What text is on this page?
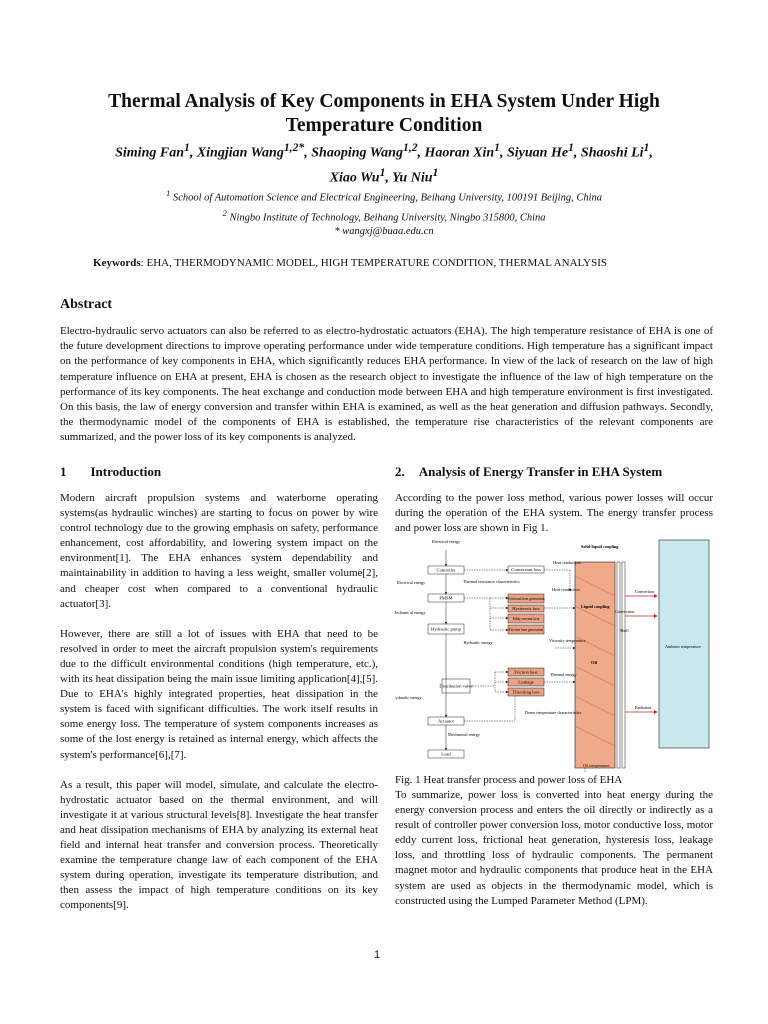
Thermal Analysis of Key Components in EHA System Under High Temperature Condition
Siming Fan$^1$, Xingjian Wang$^{1,2*}$, Shaoping Wang$^{1,2}$, Haoran Xin$^1$, Siyuan He$^1$, Shaoshi Li$^1$,
Xiao Wu$^1$, Yu Niu$^1$
$^1$ School of Automation Science and Electrical Engineering, Beihang University, 100191 Beijing, China
$^2$ Ningbo Institute of Technology, Beihang University, Ningbo 315800, China
* wangxj@buaa.edu.cn
Keywords: EHA, THERMODYNAMIC MODEL, HIGH TEMPERATURE CONDITION, THERMAL ANALYSIS
Abstract
Electro-hydraulic servo actuators can also be referred to as electro-hydrostatic actuators (EHA). The high temperature resistance of EHA is one of the future development directions to improve operating performance under wide temperature conditions. High temperature has a significant impact on the performance of key components in EHA, which significantly reduces EHA performance. In view of the lack of research on the law of high temperature influence on EHA at present, EHA is chosen as the research object to investigate the influence of the law of high temperature on the performance of its key components. The heat exchange and conduction mode between EHA and high temperature environment is first investigated. On this basis, the law of energy conversion and transfer within EHA is examined, as well as the heat generation and diffusion pathways. Secondly, the thermodynamic model of the components of EHA is established, the temperature rise characteristics of the relevant components are summarized, and the power loss of its key components is analyzed.
1 Introduction

Modern aircraft propulsion systems and waterborne operating systems(as hydraulic winches) are starting to focus on power by wire control technology due to the growing emphasis on safety, performance enhancement, cost affordability, and lowering system impact on the environment[1]. The EHA enhances system dependability and maintainability in addition to having a less weight, smaller volume[2], and cheaper cost when compared to a conventional hydraulic actuator[3].

However, there are still a lot of issues with EHA that need to be resolved in order to meet the aircraft propulsion system's requirements due to the difficult environmental conditions (high temperature, etc.), with its heat dissipation being the main issue limiting application[4],[5]. Due to EHA's highly integrated properties, heat dissipation in the system is faced with significant difficulties. The work itself results in some energy loss. The temperature of system components increases as some of the lost energy is retained as internal energy, which affects the system's performance[6],[7].

As a result, this paper will model, simulate, and calculate the electro-hydrostatic actuator based on the thermal environment, and will investigate it at various structural levels[8]. Investigate the heat transfer and heat dissipation mechanisms of EHA by analyzing its external heat field and internal heat transfer and conversion process. Theoretically examine the temperature change law of each component of the EHA system during operation, investigate its temperature distribution, and then assess the impact of high temperature conditions on its key components[9].

2. Analysis of Energy Transfer in EHA System
According to the power loss method, various power losses will occur during the operation of the EHA system. The energy transfer process and power loss are shown in Fig 1.
Controller
PMSM
Hydraulic pump
Distribution valve
Actuator
Load
Conversion loss
Frictional heat generation
Hysteresis loss
Eddy current loss
Friction heat generation
Friction heat
Leakage
Throttling loss
Electrical energy
Electrical energy
Mechanic al energy
Hydraulic energy
Hydraulic energy
Mechanical energy
Thermal resistance characteristics
Heat conduction
Heat conduction
Solid-liquid coupling
Liquid coupling
Oil
Viscosity temperature
Thermal energy
Dome temperature characteristics
Oil temperature
Convection
Convection
Shell
Ambient temperature
Radiation
Fig. 1 Heat transfer process and power loss of EHA
To summarize, power loss is converted into heat energy during the energy conversion process and enters the oil directly or indirectly as a result of controller power conversion loss, motor conductive loss, motor eddy current loss, frictional heat generation, hysteresis loss, leakage loss, and throttling loss of hydraulic components. The permanent magnet motor and hydraulic components that produce heat in the EHA system are used as objects in the thermodynamic model, which is constructed using the Lumped Parameter Method (LPM).
1
